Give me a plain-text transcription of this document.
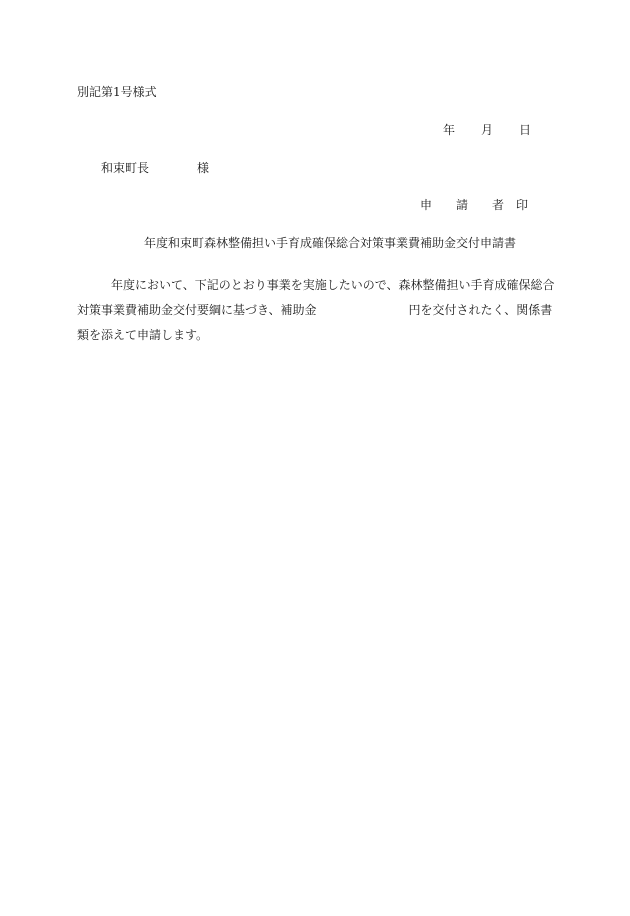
別記第1号様式
年 月 日
和束町長	様
申 請 者 印
年度和束町森林整備担い手育成確保総合対策事業費補助金交付申請書
年度において、下記のとおり事業を実施したいので、森林整備担い手育成確保総合
対策事業費補助金交付要綱に基づき、補助金	円を交付されたく、関係書
類を添えて申請します。
